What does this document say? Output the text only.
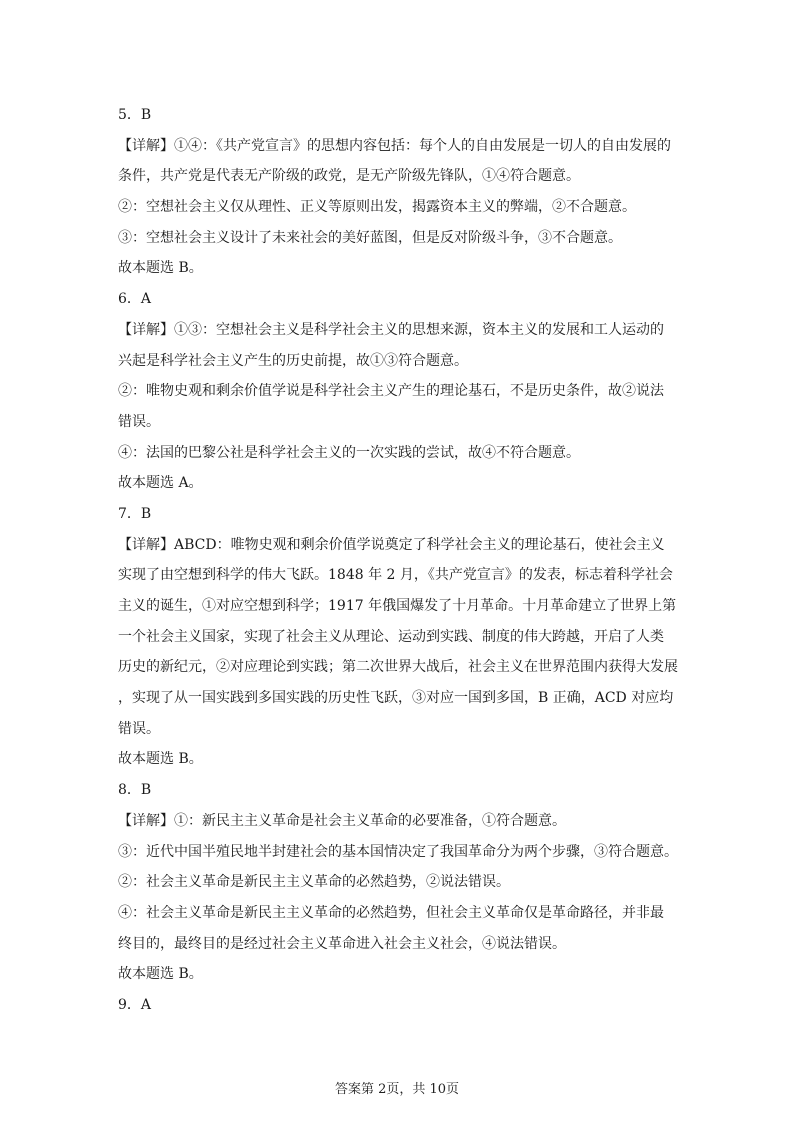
5．B
【详解】①④：《共产党宣言》的思想内容包括：每个人的自由发展是一切人的自由发展的
条件，共产党是代表无产阶级的政党，是无产阶级先锋队，①④符合题意。
②：空想社会主义仅从理性、正义等原则出发，揭露资本主义的弊端，②不合题意。
③：空想社会主义设计了未来社会的美好蓝图，但是反对阶级斗争，③不合题意。
故本题选 B。
6．A
【详解】①③：空想社会主义是科学社会主义的思想来源，资本主义的发展和工人运动的
兴起是科学社会主义产生的历史前提，故①③符合题意。
②：唯物史观和剩余价值学说是科学社会主义产生的理论基石，不是历史条件，故②说法
错误。
④：法国的巴黎公社是科学社会主义的一次实践的尝试，故④不符合题意。
故本题选 A。
7．B
【详解】ABCD：唯物史观和剩余价值学说奠定了科学社会主义的理论基石，使社会主义
实现了由空想到科学的伟大飞跃。1848 年 2 月，《共产党宣言》的发表，标志着科学社会
主义的诞生，①对应空想到科学；1917 年俄国爆发了十月革命。十月革命建立了世界上第
一个社会主义国家，实现了社会主义从理论、运动到实践、制度的伟大跨越，开启了人类
历史的新纪元，②对应理论到实践；第二次世界大战后，社会主义在世界范围内获得大发展
，实现了从一国实践到多国实践的历史性飞跃，③对应一国到多国，B 正确，ACD 对应均
错误。
故本题选 B。
8．B
【详解】①：新民主主义革命是社会主义革命的必要准备，①符合题意。
③：近代中国半殖民地半封建社会的基本国情决定了我国革命分为两个步骤，③符合题意。
②：社会主义革命是新民主主义革命的必然趋势，②说法错误。
④：社会主义革命是新民主主义革命的必然趋势，但社会主义革命仅是革命路径，并非最
终目的，最终目的是经过社会主义革命进入社会主义社会，④说法错误。
故本题选 B。
9．A
答案第 2页，共 10页
